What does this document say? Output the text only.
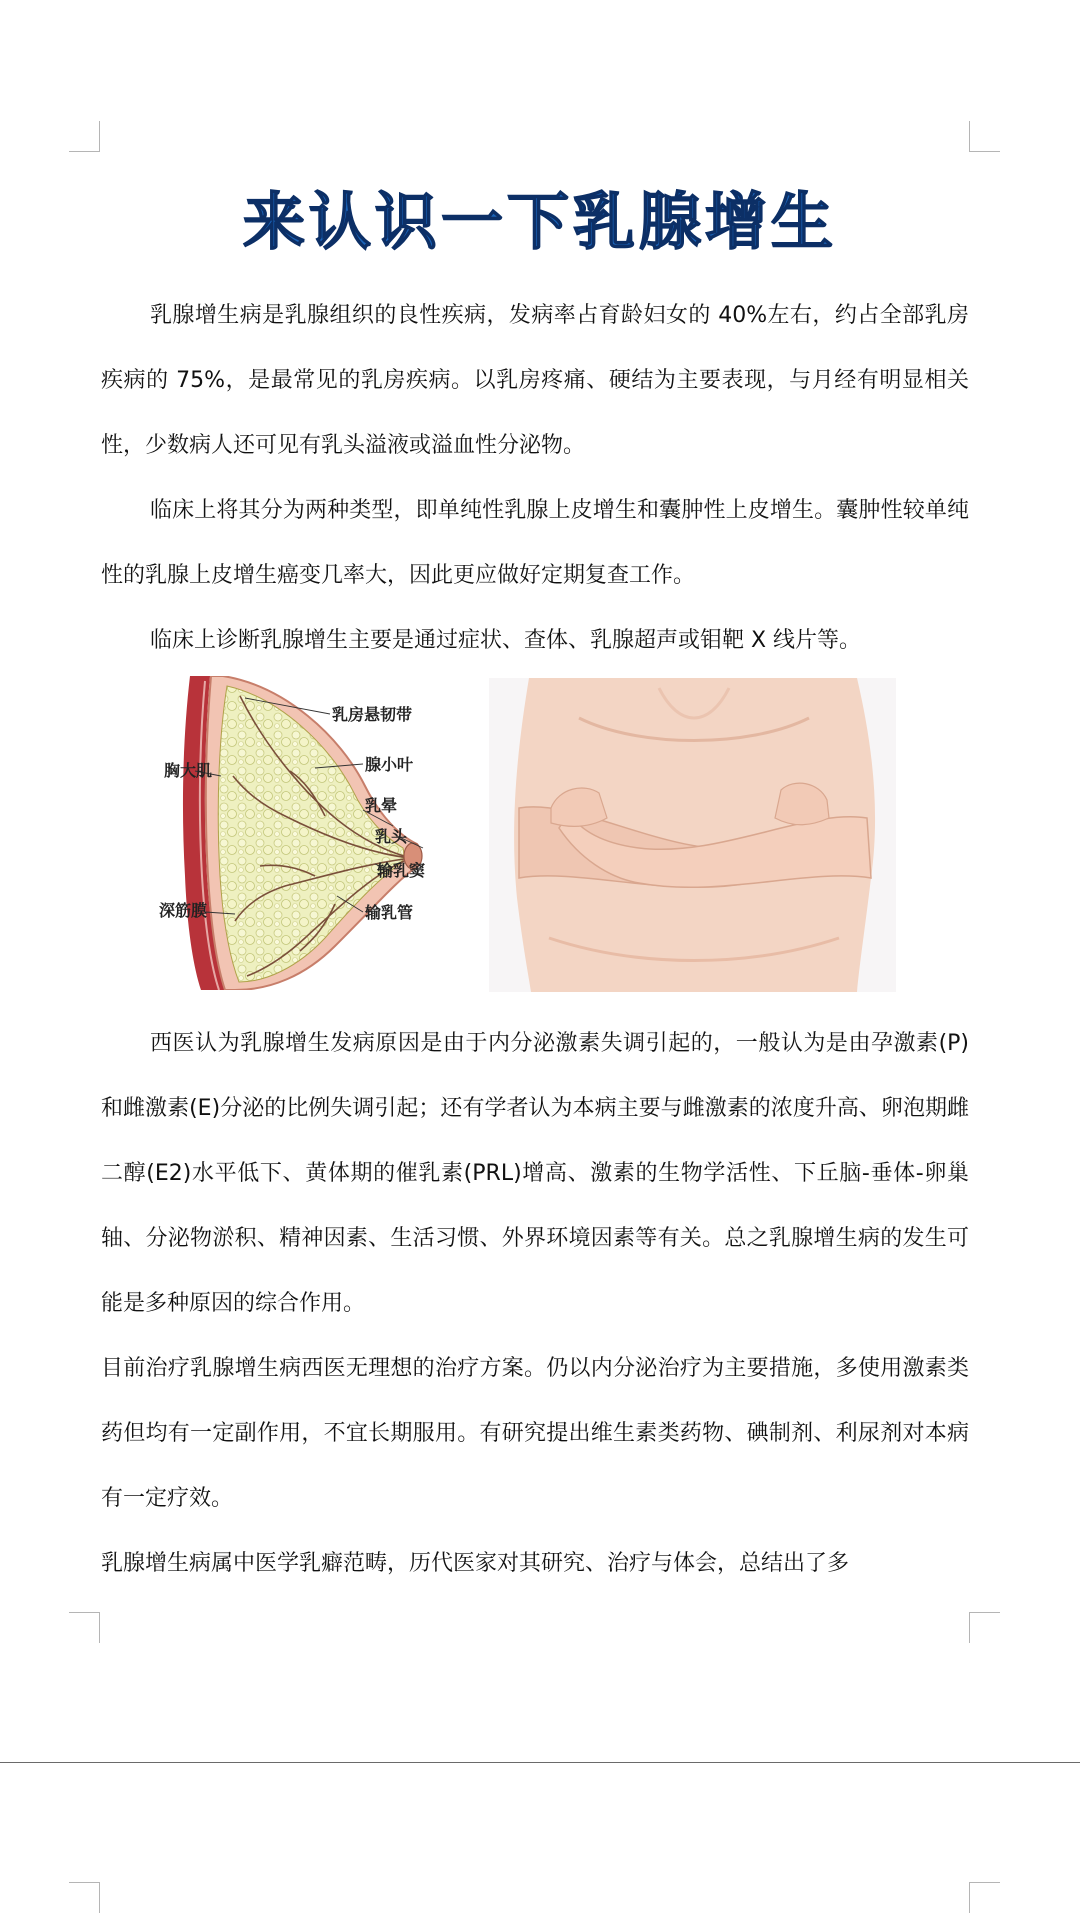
来认识一下乳腺增生

乳腺增生病是乳腺组织的良性疾病，发病率占育龄妇女的 40%左右，约占全部乳房疾病的 75%，是最常见的乳房疾病。以乳房疼痛、硬结为主要表现，与月经有明显相关性，少数病人还可见有乳头溢液或溢血性分泌物。

临床上将其分为两种类型，即单纯性乳腺上皮增生和囊肿性上皮增生。囊肿性较单纯性的乳腺上皮增生癌变几率大，因此更应做好定期复查工作。

临床上诊断乳腺增生主要是通过症状、查体、乳腺超声或钼靶 X 线片等。

乳房悬韧带
胸大肌	腺小叶
乳晕
乳头
输乳窦
深筋膜	输乳管

西医认为乳腺增生发病原因是由于内分泌激素失调引起的，一般认为是由孕激素(P)和雌激素(E)分泌的比例失调引起；还有学者认为本病主要与雌激素的浓度升高、卵泡期雌二醇(E2)水平低下、黄体期的催乳素(PRL)增高、激素的生物学活性、下丘脑-垂体-卵巢轴、分泌物淤积、精神因素、生活习惯、外界环境因素等有关。总之乳腺增生病的发生可能是多种原因的综合作用。

目前治疗乳腺增生病西医无理想的治疗方案。仍以内分泌治疗为主要措施，多使用激素类药但均有一定副作用，不宜长期服用。有研究提出维生素类药物、碘制剂、利尿剂对本病有一定疗效。

乳腺增生病属中医学乳癖范畴，历代医家对其研究、治疗与体会，总结出了多
